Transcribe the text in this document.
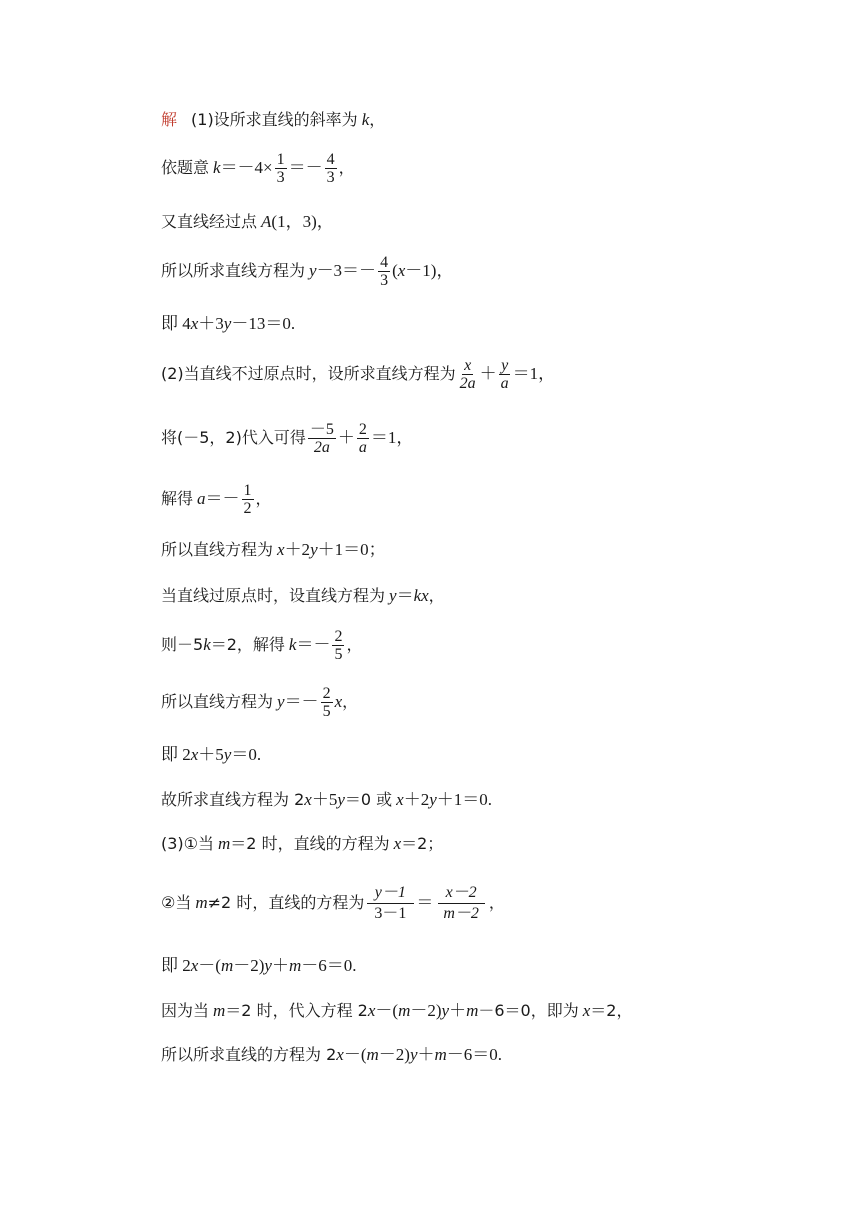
解 (1)设所求直线的斜率为 k ，
依题意 $k =-4\times \frac{1}{3} =- \frac{4}{3}$ ，
又直线经过点 A (1，3)，
所以所求直线方程为 $y -3=- \frac{4}{3}$ ( x －1)，
即 4 x ＋3 y －13＝0.
(2)当直线不过原点时，设所求直线方程为 $\frac{x}{2a} + \frac{y}{a} =1$，
将(－5，2)代入可得 $\frac{-5}{2a} + \frac{2}{a} =1$，
解得 $a =- \frac{1}{2}$ ，
所以直线方程为 x ＋2 y ＋1＝0；
当直线过原点时，设直线方程为 y ＝ kx ，
则－5 k ＝2，解得 $k =- \frac{2}{5}$ ，
所以直线方程为 $y =- \frac{2}{5}$ x ，
即 2 x ＋5 y ＝0.
故所求直线方程为 2 x ＋5 y ＝0 或 x ＋2 y ＋1＝0.
(3)①当 m ＝2 时，直线的方程为 x ＝2；
②当 m ≠2 时，直线的方程为 $\frac{y-1}{3-1} = \frac{x-2}{m-2}$ ，
即 2 x －( m －2) y ＋ m －6＝0.
因为当 m ＝2 时，代入方程 2 x －( m －2) y ＋ m －6＝0，即为 x ＝2，
所以所求直线的方程为 2 x －( m －2) y ＋ m －6＝0.
